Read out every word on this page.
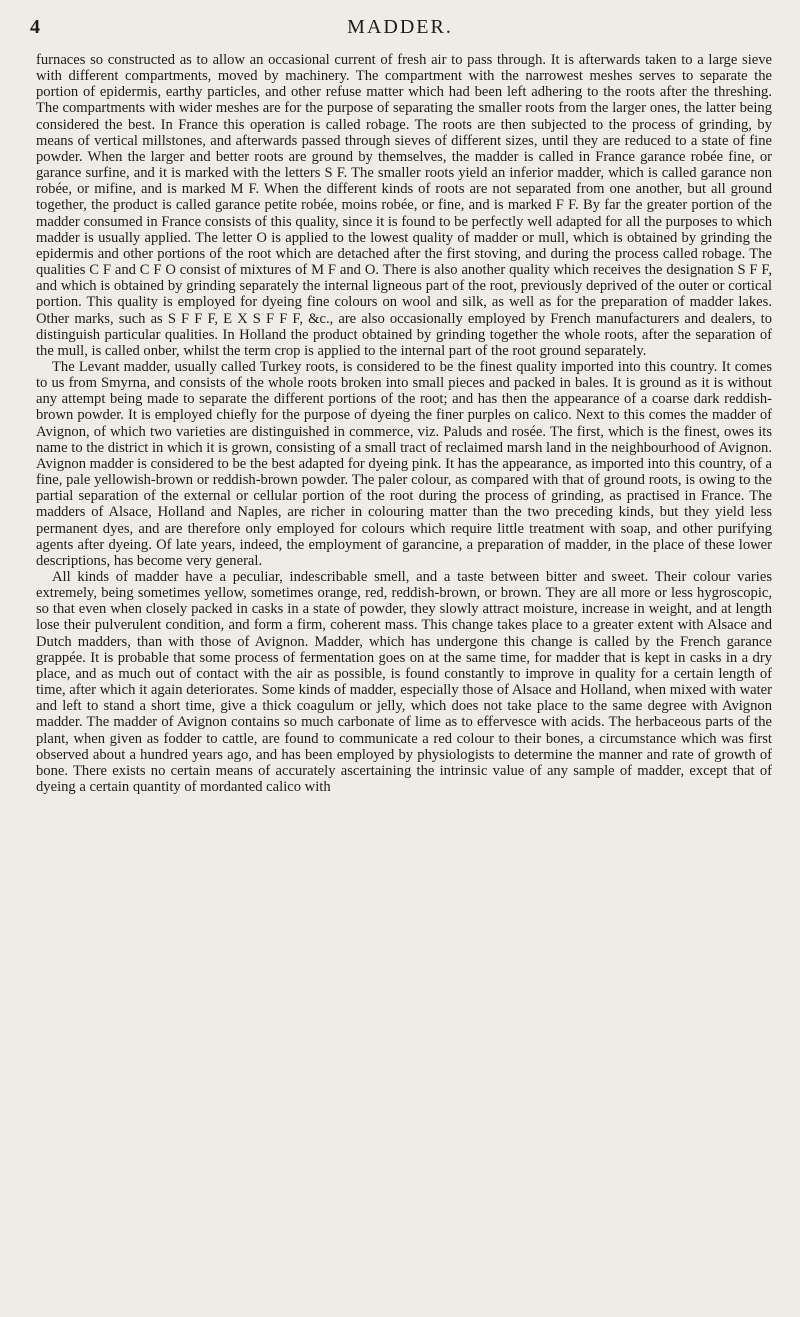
4	MADDER.

furnaces so constructed as to allow an occasional current of fresh air to pass through. It is afterwards taken to a large sieve with different compartments, moved by machinery. The compartment with the narrowest meshes serves to separate the portion of epidermis, earthy particles, and other refuse matter which had been left adhering to the roots after the threshing. The compartments with wider meshes are for the purpose of separating the smaller roots from the larger ones, the latter being considered the best. In France this operation is called robage. The roots are then subjected to the process of grinding, by means of vertical millstones, and afterwards passed through sieves of different sizes, until they are reduced to a state of fine powder. When the larger and better roots are ground by themselves, the madder is called in France garance robée fine, or garance surfine, and it is marked with the letters S F. The smaller roots yield an inferior madder, which is called garance non robée, or mifine, and is marked M F. When the different kinds of roots are not separated from one another, but all ground together, the product is called garance petite robée, moins robée, or fine, and is marked F F. By far the greater portion of the madder consumed in France consists of this quality, since it is found to be perfectly well adapted for all the purposes to which madder is usually applied. The letter O is applied to the lowest quality of madder or mull, which is obtained by grinding the epidermis and other portions of the root which are detached after the first stoving, and during the process called robage. The qualities C F and C F O consist of mixtures of M F and O. There is also another quality which receives the designation S F F, and which is obtained by grinding separately the internal ligneous part of the root, previously deprived of the outer or cortical portion. This quality is employed for dyeing fine colours on wool and silk, as well as for the preparation of madder lakes. Other marks, such as S F F F, E X S F F F, &c., are also occasionally employed by French manufacturers and dealers, to distinguish particular qualities. In Holland the product obtained by grinding together the whole roots, after the separation of the mull, is called onber, whilst the term crop is applied to the internal part of the root ground separately.

The Levant madder, usually called Turkey roots, is considered to be the finest quality imported into this country. It comes to us from Smyrna, and consists of the whole roots broken into small pieces and packed in bales. It is ground as it is without any attempt being made to separate the different portions of the root; and has then the appearance of a coarse dark reddish-brown powder. It is employed chiefly for the purpose of dyeing the finer purples on calico. Next to this comes the madder of Avignon, of which two varieties are distinguished in commerce, viz. Paluds and rosée. The first, which is the finest, owes its name to the district in which it is grown, consisting of a small tract of reclaimed marsh land in the neighbourhood of Avignon. Avignon madder is considered to be the best adapted for dyeing pink. It has the appearance, as imported into this country, of a fine, pale yellowish-brown or reddish-brown powder. The paler colour, as compared with that of ground roots, is owing to the partial separation of the external or cellular portion of the root during the process of grinding, as practised in France. The madders of Alsace, Holland and Naples, are richer in colouring matter than the two preceding kinds, but they yield less permanent dyes, and are therefore only employed for colours which require little treatment with soap, and other purifying agents after dyeing. Of late years, indeed, the employment of garancine, a preparation of madder, in the place of these lower descriptions, has become very general.

All kinds of madder have a peculiar, indescribable smell, and a taste between bitter and sweet. Their colour varies extremely, being sometimes yellow, sometimes orange, red, reddish-brown, or brown. They are all more or less hygroscopic, so that even when closely packed in casks in a state of powder, they slowly attract moisture, increase in weight, and at length lose their pulverulent condition, and form a firm, coherent mass. This change takes place to a greater extent with Alsace and Dutch madders, than with those of Avignon. Madder, which has undergone this change is called by the French garance grappée. It is probable that some process of fermentation goes on at the same time, for madder that is kept in casks in a dry place, and as much out of contact with the air as possible, is found constantly to improve in quality for a certain length of time, after which it again deteriorates. Some kinds of madder, especially those of Alsace and Holland, when mixed with water and left to stand a short time, give a thick coagulum or jelly, which does not take place to the same degree with Avignon madder. The madder of Avignon contains so much carbonate of lime as to effervesce with acids. The herbaceous parts of the plant, when given as fodder to cattle, are found to communicate a red colour to their bones, a circumstance which was first observed about a hundred years ago, and has been employed by physiologists to determine the manner and rate of growth of bone. There exists no certain means of accurately ascertaining the intrinsic value of any sample of madder, except that of dyeing a certain quantity of mordanted calico with
